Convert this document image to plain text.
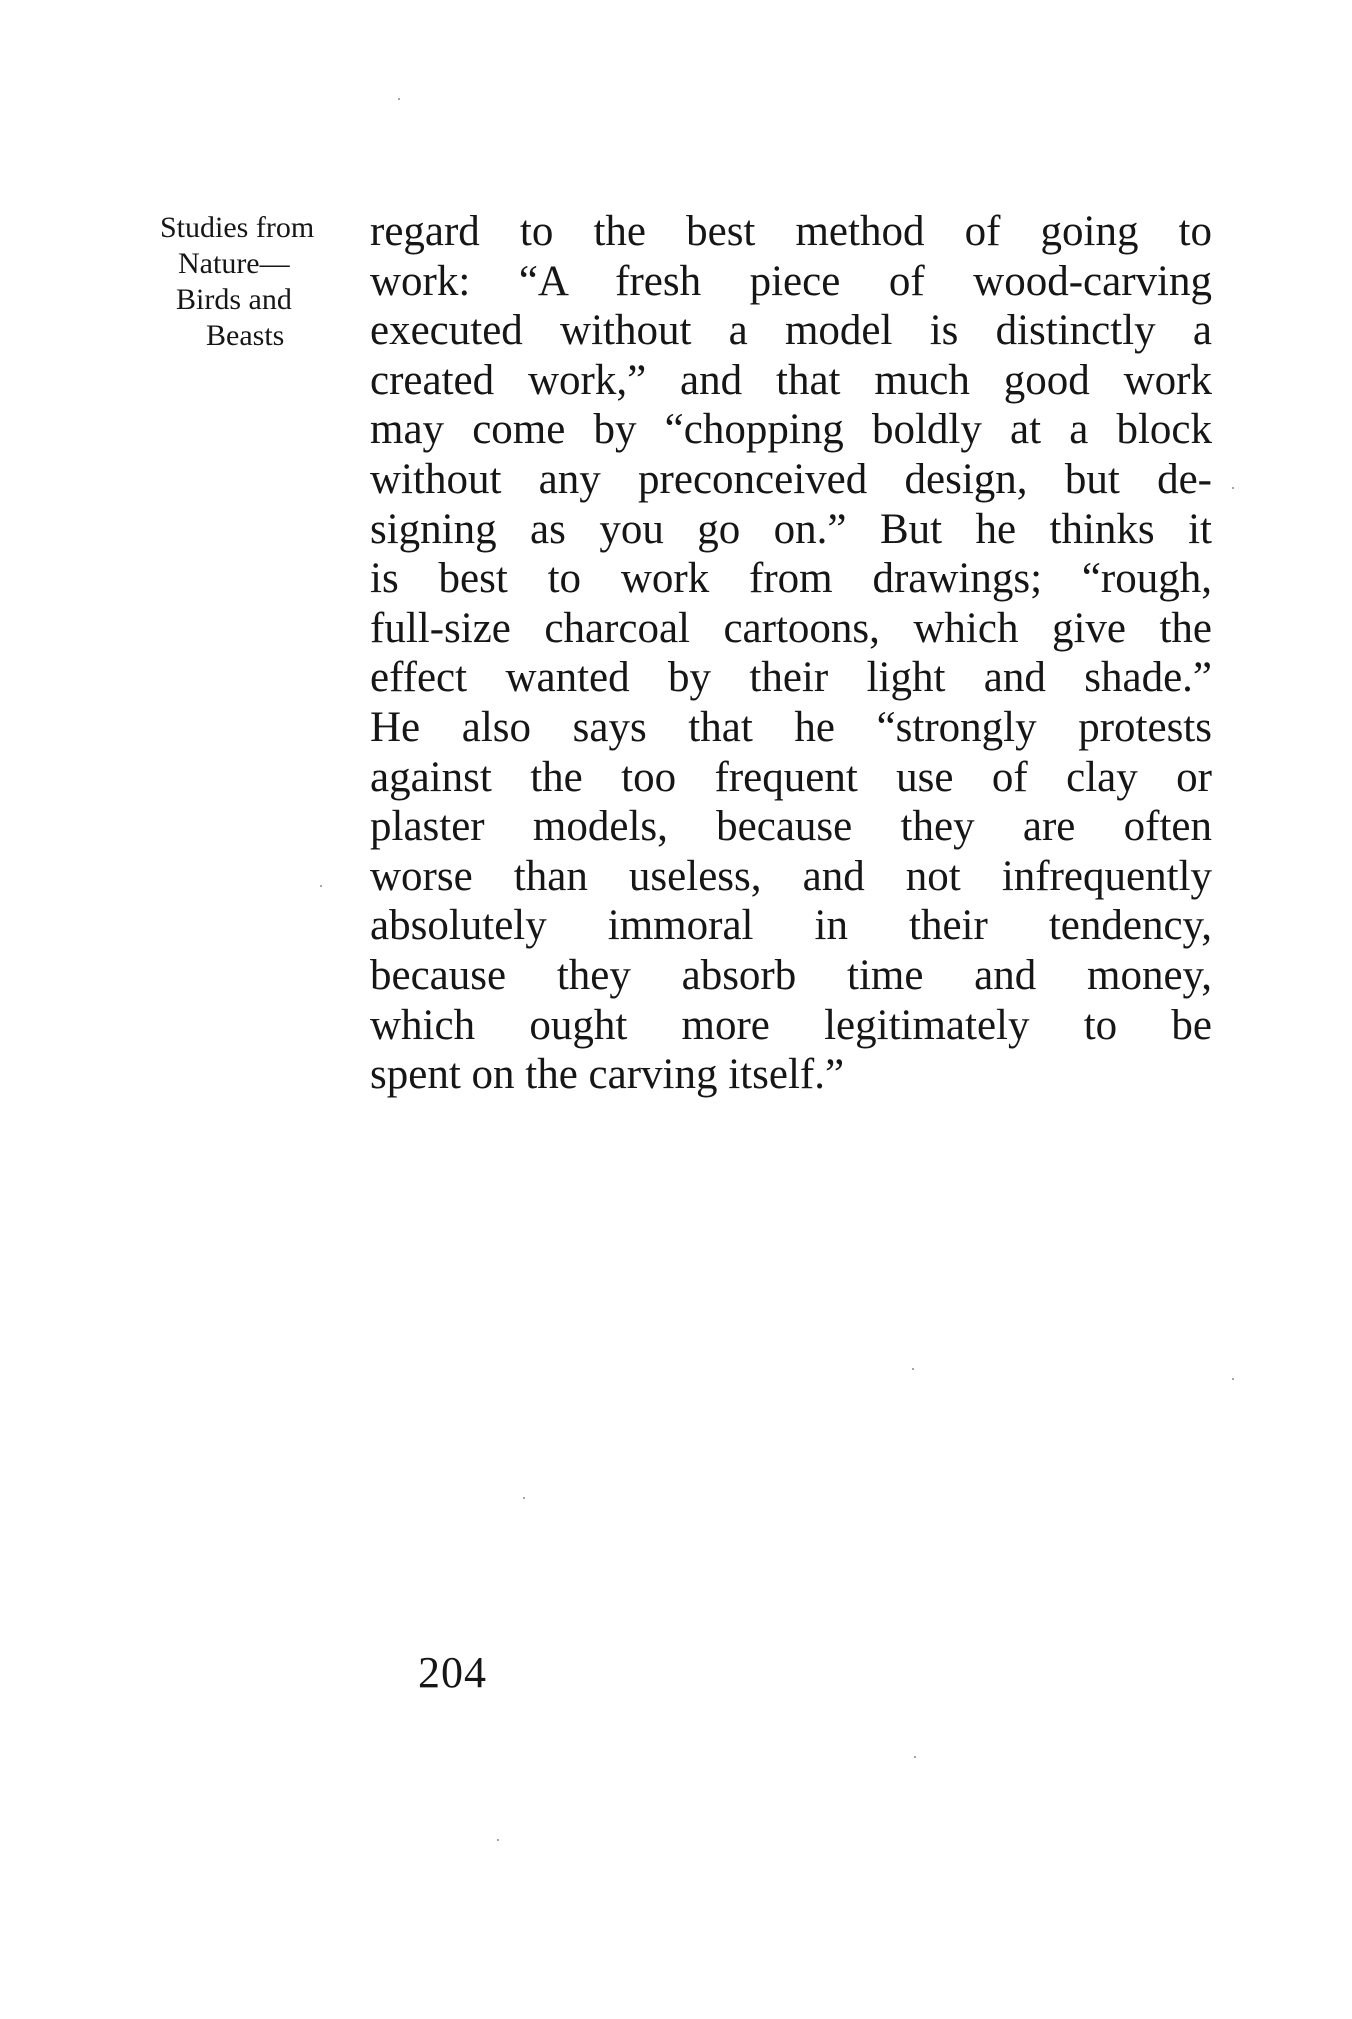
Studies from
Nature—
Birds and
Beasts
regard to the best method of going to
work: “A fresh piece of wood-carving
executed without a model is distinctly a
created work,” and that much good work
may come by “chopping boldly at a block
without any preconceived design, but de-
signing as you go on.” But he thinks it
is best to work from drawings; “rough,
full-size charcoal cartoons, which give the
effect wanted by their light and shade.”
He also says that he “strongly protests
against the too frequent use of clay or
plaster models, because they are often
worse than useless, and not infrequently
absolutely immoral in their tendency,
because they absorb time and money,
which ought more legitimately to be
spent on the carving itself.”
204
